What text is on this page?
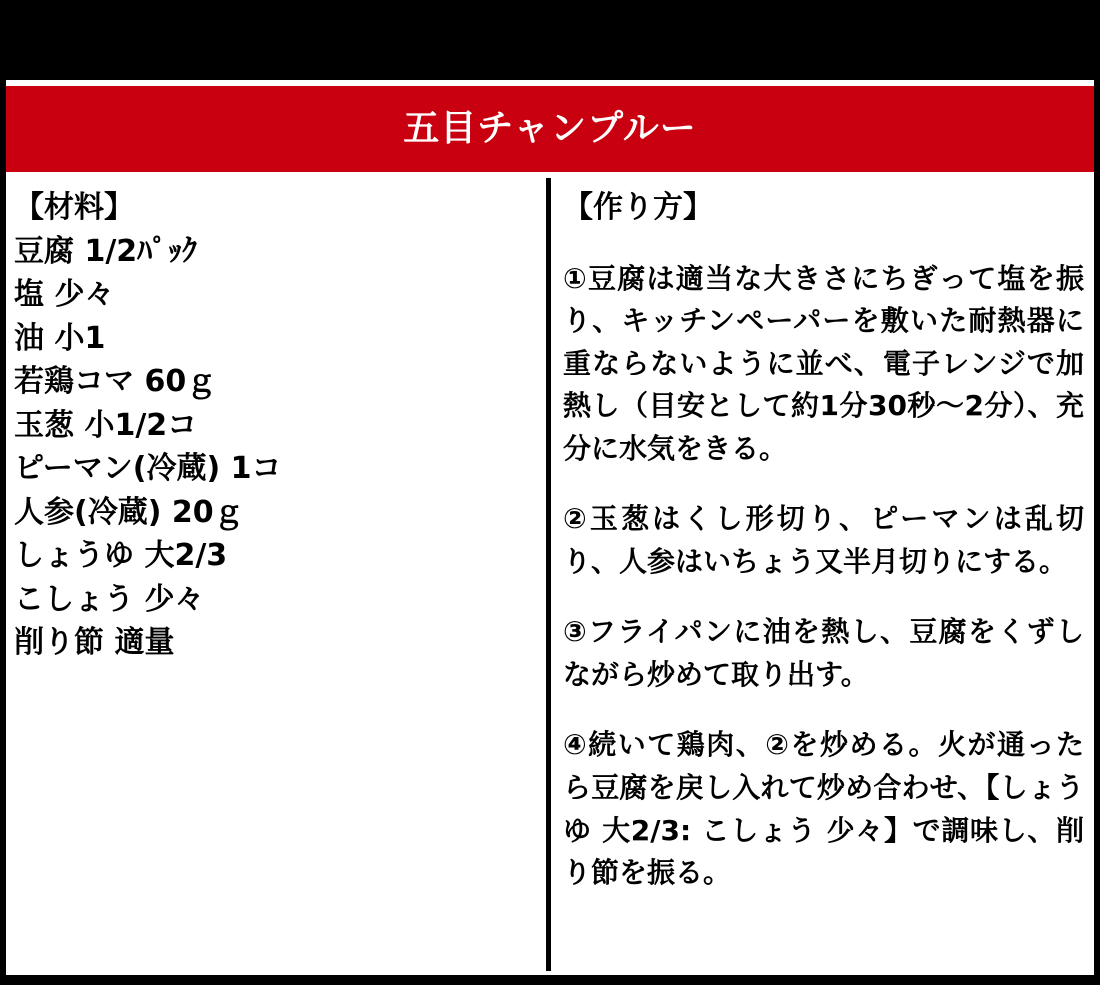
五目チャンプルー
【材料】
豆腐 1/2ﾊﾟｯｸ
塩 少々
油 小1
若鶏コマ 60ｇ
玉葱 小1/2コ
ピーマン(冷蔵) 1コ
人参(冷蔵) 20ｇ
しょうゆ 大2/3
こしょう 少々
削り節 適量
【作り方】

①豆腐は適当な大きさにちぎって塩を振り、キッチンペーパーを敷いた耐熱器に重ならないように並べ、電子レンジで加熱し（目安として約1分30秒～2分）、充分に水気をきる。

②玉葱はくし形切り、ピーマンは乱切り、人参はいちょう又半月切りにする。

③フライパンに油を熱し、豆腐をくずしながら炒めて取り出す。

④続いて鶏肉、②を炒める。火が通ったら豆腐を戻し入れて炒め合わせ、【しょうゆ 大2/3: こしょう 少々】で調味し、削り節を振る。
